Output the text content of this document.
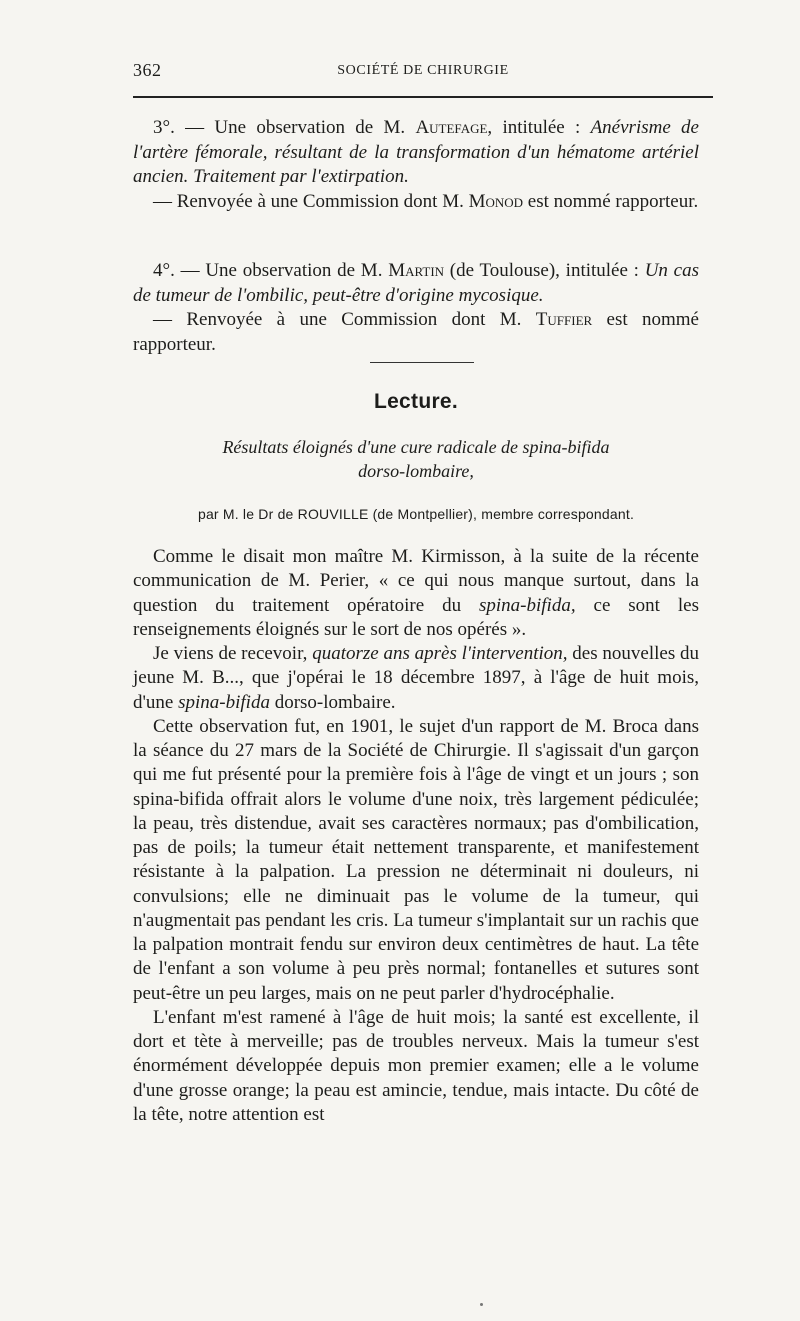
362	SOCIÉTÉ DE CHIRURGIE

3°. — Une observation de M. Autefage, intitulée : Anévrisme de l'artère fémorale, résultant de la transformation d'un hématome artériel ancien. Traitement par l'extirpation.

— Renvoyée à une Commission dont M. Monod est nommé rapporteur.

4°. — Une observation de M. Martin (de Toulouse), intitulée : Un cas de tumeur de l'ombilic, peut-être d'origine mycosique.

— Renvoyée à une Commission dont M. Tuffier est nommé rapporteur.

Lecture.
Résultats éloignés d'une cure radicale de spina-bifida
dorso-lombaire,
par M. le Dr de ROUVILLE (de Montpellier), membre correspondant.

Comme le disait mon maître M. Kirmisson, à la suite de la récente communication de M. Perier, « ce qui nous manque surtout, dans la question du traitement opératoire du spina-bifida, ce sont les renseignements éloignés sur le sort de nos opérés ».

Je viens de recevoir, quatorze ans après l'intervention, des nouvelles du jeune M. B..., que j'opérai le 18 décembre 1897, à l'âge de huit mois, d'une spina-bifida dorso-lombaire.

Cette observation fut, en 1901, le sujet d'un rapport de M. Broca dans la séance du 27 mars de la Société de Chirurgie. Il s'agissait d'un garçon qui me fut présenté pour la première fois à l'âge de vingt et un jours ; son spina-bifida offrait alors le volume d'une noix, très largement pédiculée; la peau, très distendue, avait ses caractères normaux; pas d'ombilication, pas de poils; la tumeur était nettement transparente, et manifestement résistante à la palpation. La pression ne déterminait ni douleurs, ni convulsions; elle ne diminuait pas le volume de la tumeur, qui n'augmentait pas pendant les cris. La tumeur s'implantait sur un rachis que la palpation montrait fendu sur environ deux centimètres de haut. La tête de l'enfant a son volume à peu près normal; fontanelles et sutures sont peut-être un peu larges, mais on ne peut parler d'hydrocéphalie.

L'enfant m'est ramené à l'âge de huit mois; la santé est excellente, il dort et tète à merveille; pas de troubles nerveux. Mais la tumeur s'est énormément développée depuis mon premier examen; elle a le volume d'une grosse orange; la peau est amincie, tendue, mais intacte. Du côté de la tête, notre attention est
